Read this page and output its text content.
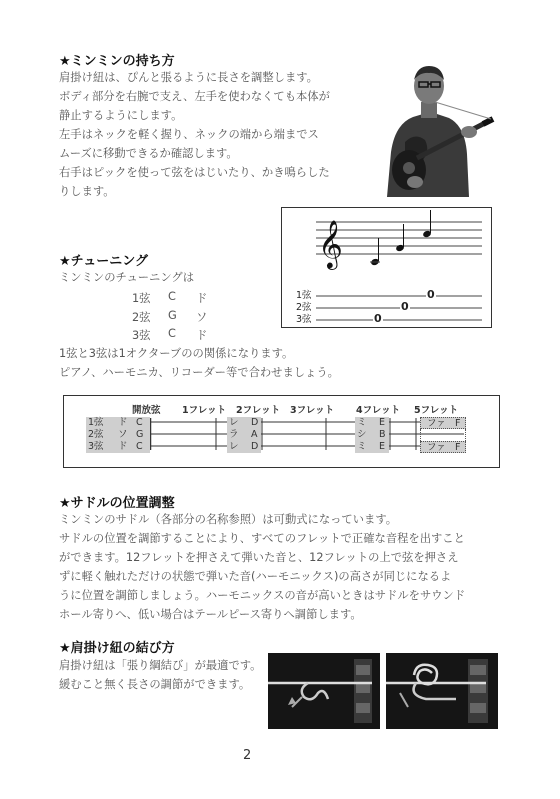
★ミンミンの持ち方
肩掛け紐は、ぴんと張るように長さを調整します。
ボディ部分を右腕で支え、左手を使わなくても本体が
静止するようにします。
左手はネックを軽く握り、ネックの端から端までス
ムーズに移動できるか確認します。
右手はピックを使って弦をはじいたり、かき鳴らした
りします。
𝄞
1弦
2弦
3弦
0
0
0
★チューニング
ミンミンのチューニングは
1弦 C ド
2弦 G ソ
3弦 C ド
1弦と3弦は1オクターブのの関係になります。
ピアノ、ハーモニカ、リコーダー等で合わせましょう。
開放弦 1フレット 2フレット 3フレット 4フレット 5フレット
1弦 ド C
2弦 ソ G
3弦 ド C
レ D
ラ A
レ D
ミ E
シ B
ミ E
ファ F
ファ F
★サドルの位置調整
ミンミンのサドル（各部分の名称参照）は可動式になっています。
サドルの位置を調節することにより、すべてのフレットで正確な音程を出すこと
ができます。12フレットを押さえて弾いた音と、12フレットの上で弦を押さえ
ずに軽く触れただけの状態で弾いた音(ハーモニックス)の高さが同じになるよ
うに位置を調節しましょう。ハーモニックスの音が高いときはサドルをサウンド
ホール寄りへ、低い場合はテールピース寄りへ調節します。
★肩掛け紐の結び方
肩掛け紐は「張り綱結び」が最適です。
緩むこと無く長さの調節ができます。
2
